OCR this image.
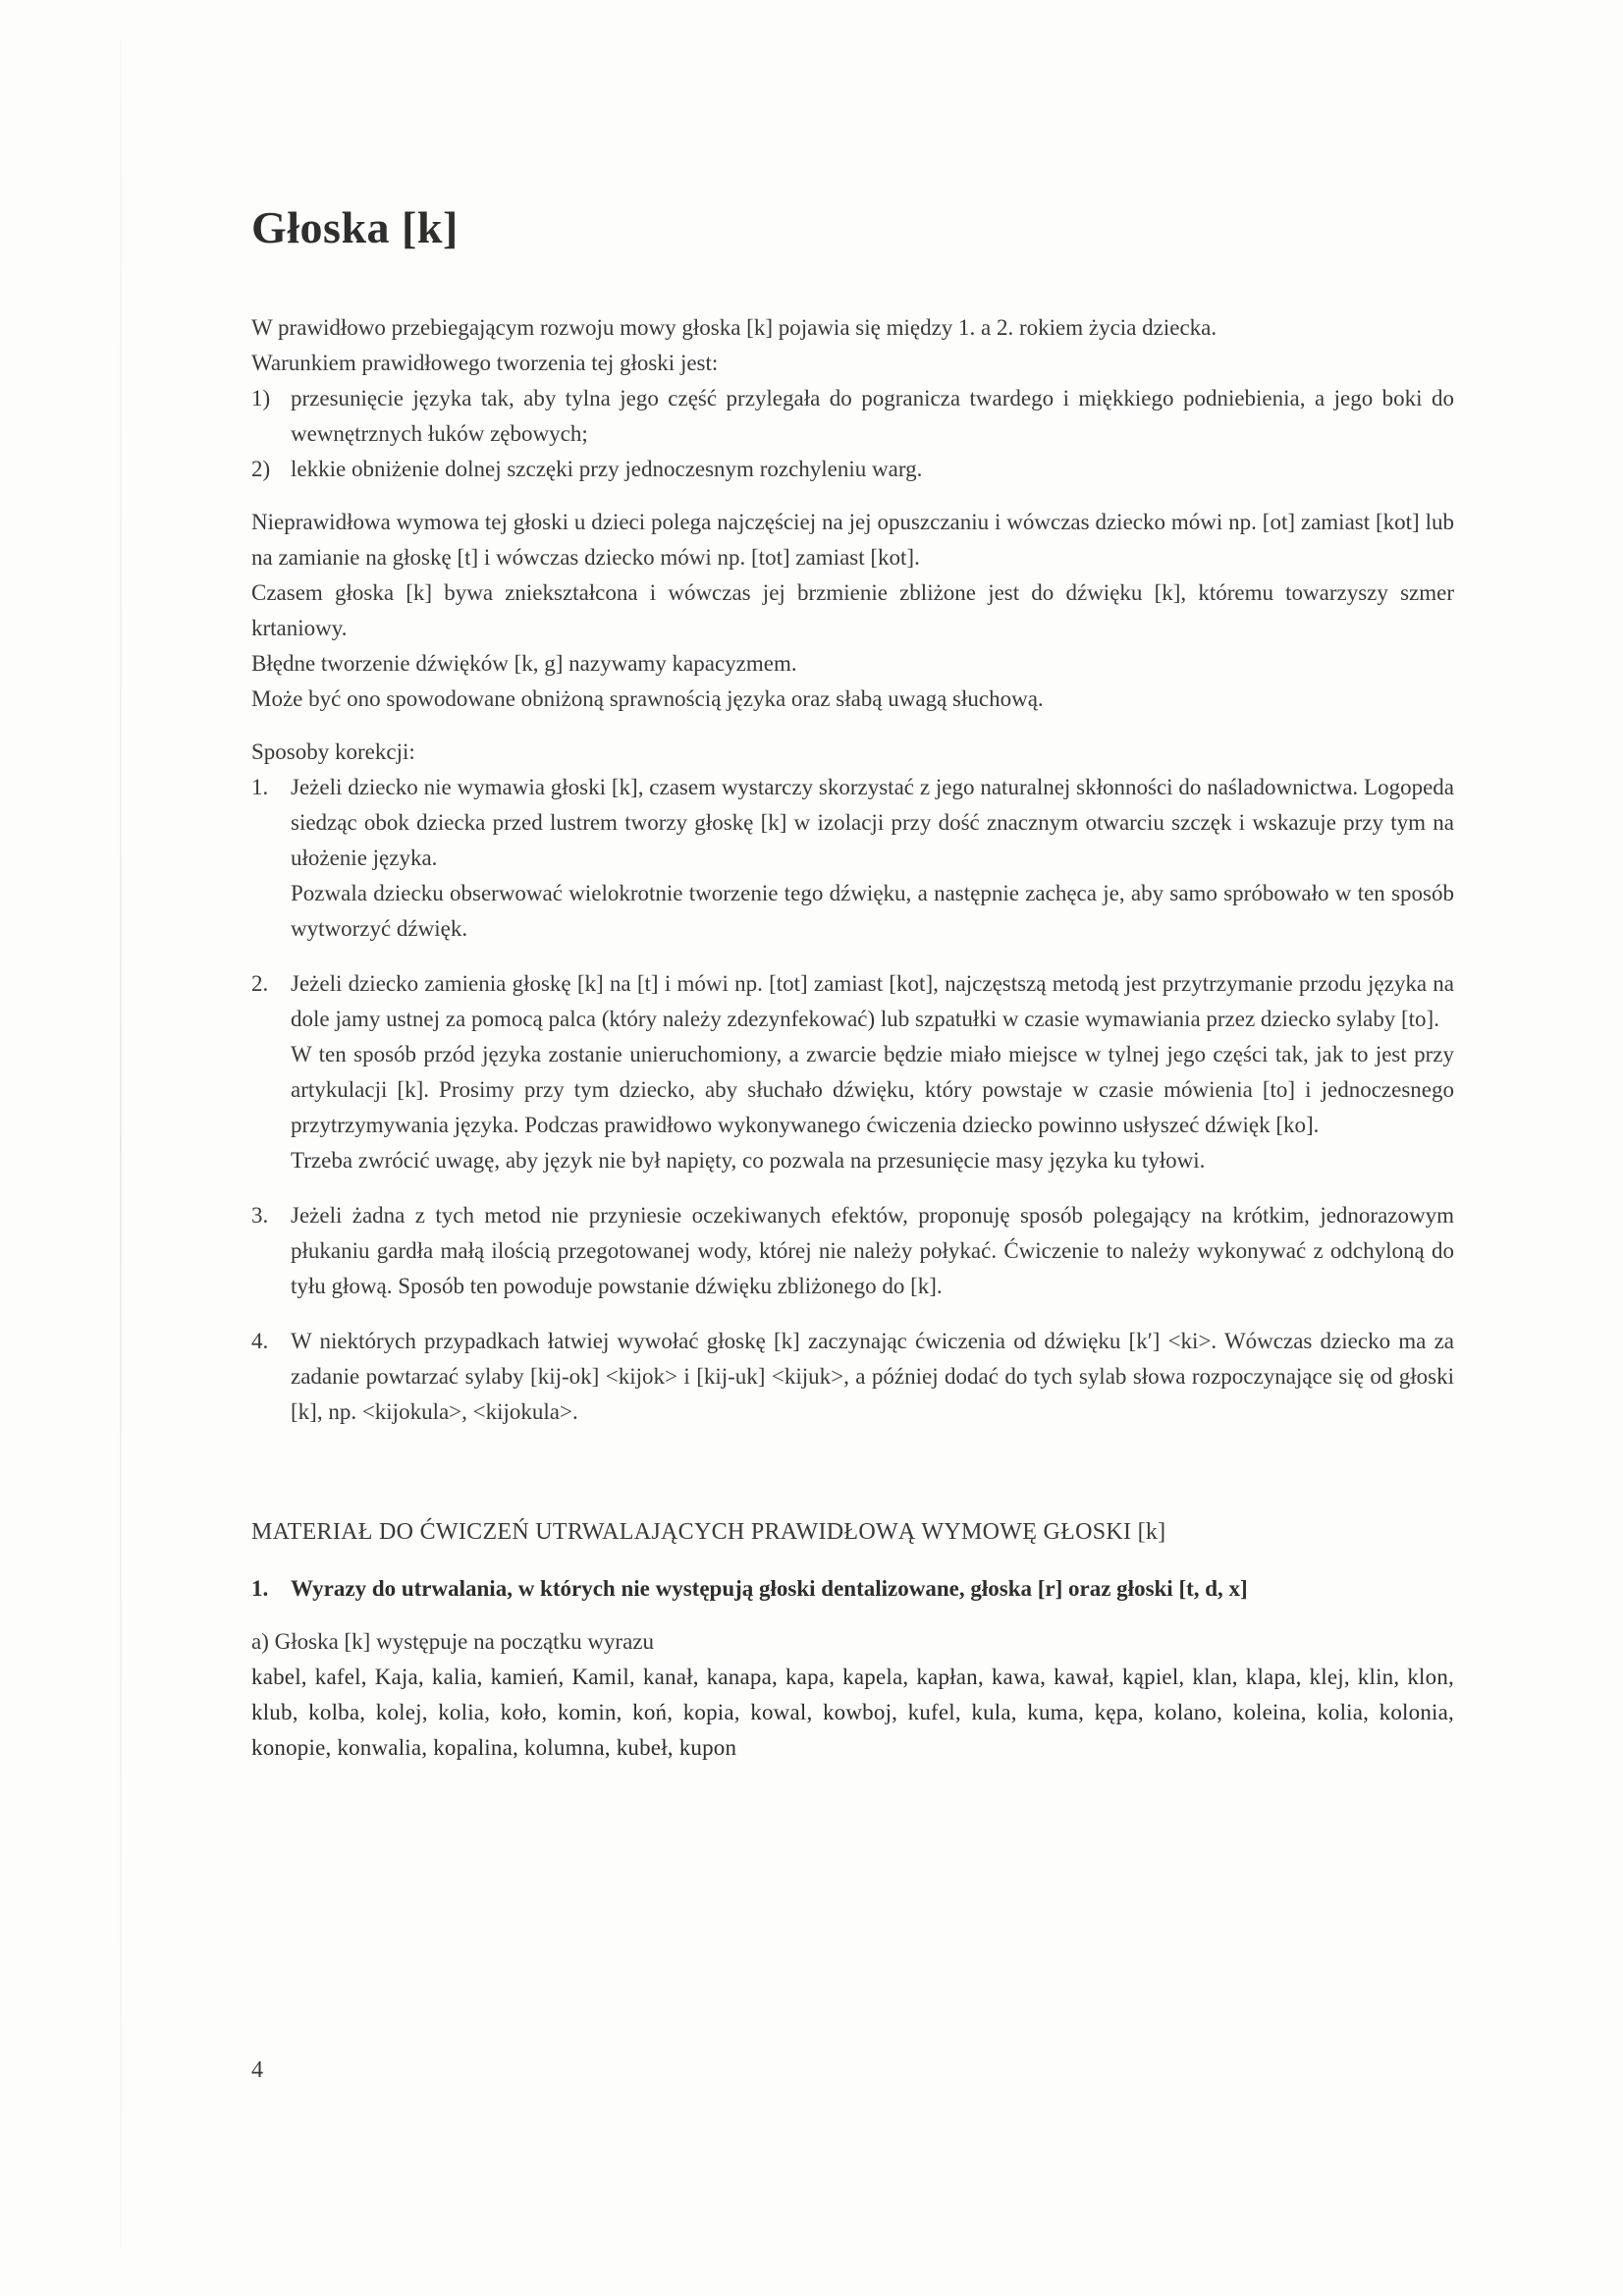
Głoska [k]

W prawidłowo przebiegającym rozwoju mowy głoska [k] pojawia się między 1. a 2. rokiem życia dziecka.

Warunkiem prawidłowego tworzenia tej głoski jest:

1) przesunięcie języka tak, aby tylna jego część przylegała do pogranicza twardego i miękkiego podniebienia, a jego boki do wewnętrznych łuków zębowych;
2) lekkie obniżenie dolnej szczęki przy jednoczesnym rozchyleniu warg.

Nieprawidłowa wymowa tej głoski u dzieci polega najczęściej na jej opuszczaniu i wówczas dziecko mówi np. [ot] zamiast [kot] lub na zamianie na głoskę [t] i wówczas dziecko mówi np. [tot] zamiast [kot].

Czasem głoska [k] bywa zniekształcona i wówczas jej brzmienie zbliżone jest do dźwięku [k], któremu towarzyszy szmer krtaniowy.

Błędne tworzenie dźwięków [k, g] nazywamy kapacyzmem.

Może być ono spowodowane obniżoną sprawnością języka oraz słabą uwagą słuchową.

Sposoby korekcji:

1. Jeżeli dziecko nie wymawia głoski [k], czasem wystarczy skorzystać z jego naturalnej skłonności do naśladownictwa. Logopeda siedząc obok dziecka przed lustrem tworzy głoskę [k] w izolacji przy dość znacznym otwarciu szczęk i wskazuje przy tym na ułożenie języka.
Pozwala dziecku obserwować wielokrotnie tworzenie tego dźwięku, a następnie zachęca je, aby samo spróbowało w ten sposób wytworzyć dźwięk.
2. Jeżeli dziecko zamienia głoskę [k] na [t] i mówi np. [tot] zamiast [kot], najczęstszą metodą jest przytrzymanie przodu języka na dole jamy ustnej za pomocą palca (który należy zdezynfekować) lub szpatułki w czasie wymawiania przez dziecko sylaby [to].
W ten sposób przód języka zostanie unieruchomiony, a zwarcie będzie miało miejsce w tylnej jego części tak, jak to jest przy artykulacji [k]. Prosimy przy tym dziecko, aby słuchało dźwięku, który powstaje w czasie mówienia [to] i jednoczesnego przytrzymywania języka. Podczas prawidłowo wykonywanego ćwiczenia dziecko powinno usłyszeć dźwięk [ko].
Trzeba zwrócić uwagę, aby język nie był napięty, co pozwala na przesunięcie masy języka ku tyłowi.
3. Jeżeli żadna z tych metod nie przyniesie oczekiwanych efektów, proponuję sposób polegający na krótkim, jednorazowym płukaniu gardła małą ilością przegotowanej wody, której nie należy połykać. Ćwiczenie to należy wykonywać z odchyloną do tyłu głową. Sposób ten powoduje powstanie dźwięku zbliżonego do [k].
4. W niektórych przypadkach łatwiej wywołać głoskę [k] zaczynając ćwiczenia od dźwięku [k′] <ki>. Wówczas dziecko ma za zadanie powtarzać sylaby [kij-ok] <kijok> i [kij-uk] <kijuk>, a później dodać do tych sylab słowa rozpoczynające się od głoski [k], np. <kijokula>, <kijokula>.
MATERIAŁ DO ĆWICZEŃ UTRWALAJĄCYCH PRAWIDŁOWĄ WYMOWĘ GŁOSKI [k]
1. Wyrazy do utrwalania, w których nie występują głoski dentalizowane, głoska [r] oraz głoski [t, d, x]

a) Głoska [k] występuje na początku wyrazu

kabel, kafel, Kaja, kalia, kamień, Kamil, kanał, kanapa, kapa, kapela, kapłan, kawa, kawał, kąpiel, klan, klapa, klej, klin, klon, klub, kolba, kolej, kolia, koło, komin, koń, kopia, kowal, kowboj, kufel, kula, kuma, kępa, kolano, koleina, kolia, kolonia, konopie, konwalia, kopalina, kolumna, kubeł, kupon
4
